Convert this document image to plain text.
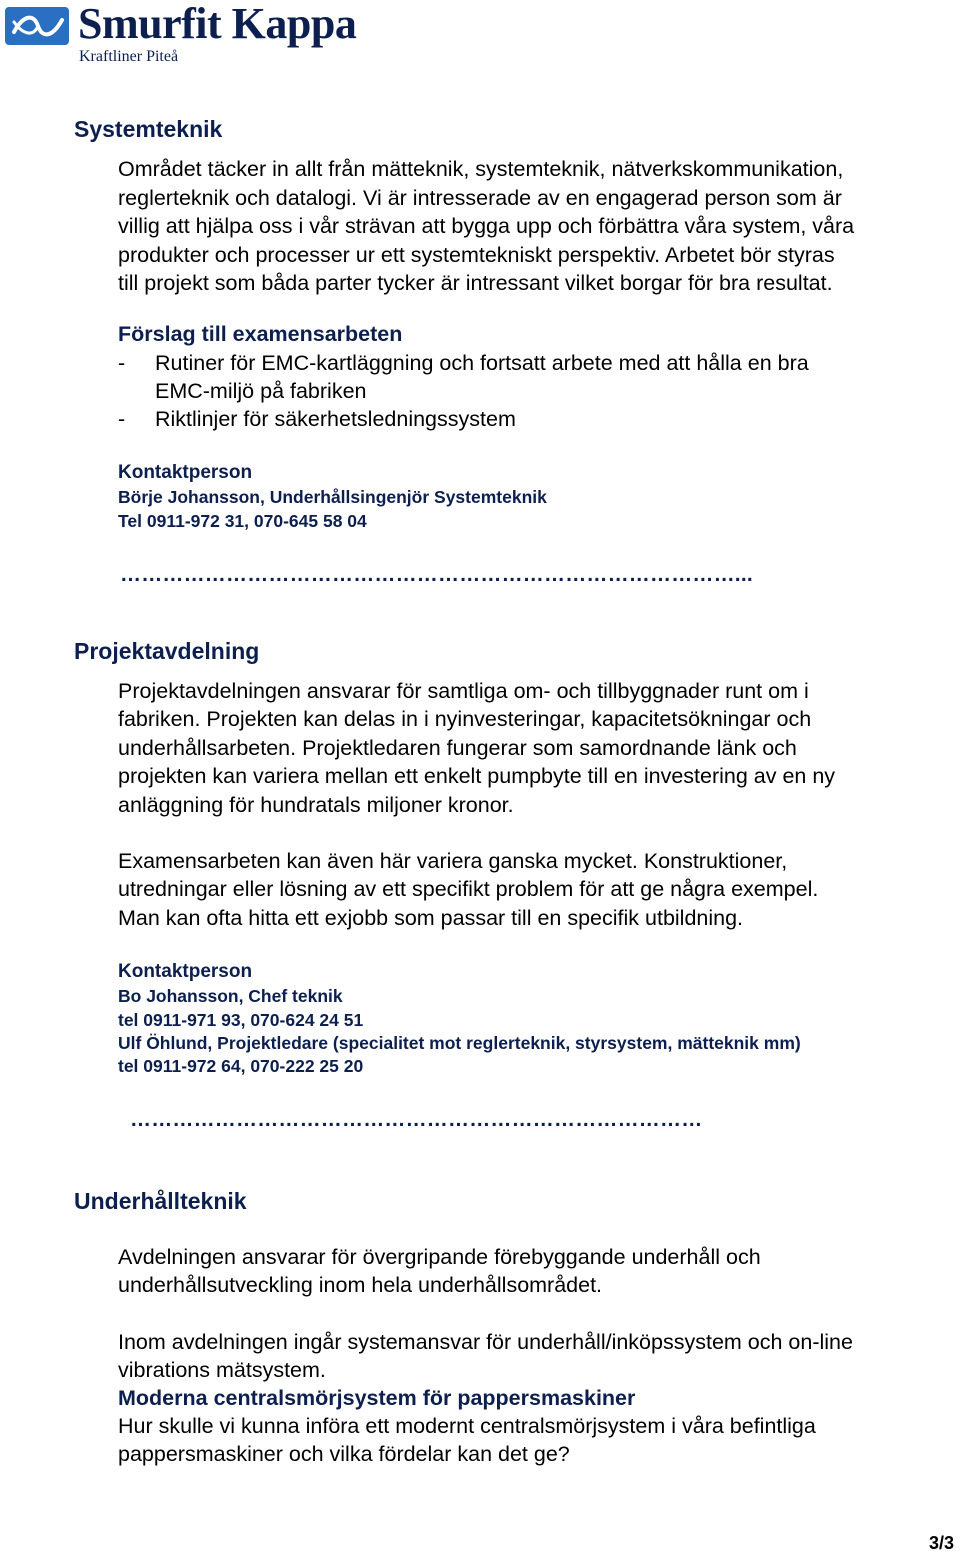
Smurfit Kappa

Kraftliner Piteå

Systemteknik

Området täcker in allt från mätteknik, systemteknik, nätverkskommunikation,

reglerteknik och datalogi. Vi är intresserade av en engagerad person som är

villig att hjälpa oss i vår strävan att bygga upp och förbättra våra system, våra

produkter och processer ur ett systemtekniskt perspektiv. Arbetet bör styras

till projekt som båda parter tycker är intressant vilket borgar för bra resultat.

Förslag till examensarbeten

- Rutiner för EMC-kartläggning och fortsatt arbete med att hålla en bra

EMC-miljö på fabriken

- Riktlinjer för säkerhetsledningssystem

Kontaktperson

Börje Johansson, Underhållsingenjör Systemteknik

Tel 0911-972 31, 070-645 58 04

……………………………………………………………………………...

Projektavdelning

Projektavdelningen ansvarar för samtliga om- och tillbyggnader runt om i

fabriken. Projekten kan delas in i nyinvesteringar, kapacitetsökningar och

underhållsarbeten. Projektledaren fungerar som samordnande länk och

projekten kan variera mellan ett enkelt pumpbyte till en investering av en ny

anläggning för hundratals miljoner kronor.

Examensarbeten kan även här variera ganska mycket. Konstruktioner,

utredningar eller lösning av ett specifikt problem för att ge några exempel.

Man kan ofta hitta ett exjobb som passar till en specifik utbildning.

Kontaktperson

Bo Johansson, Chef teknik

tel 0911-971 93, 070-624 24 51

Ulf Öhlund, Projektledare (specialitet mot reglerteknik, styrsystem, mätteknik mm)

tel 0911-972 64, 070-222 25 20

………………………………………………………………………

Underhållteknik

Avdelningen ansvarar för övergripande förebyggande underhåll och

underhållsutveckling inom hela underhållsområdet.

Inom avdelningen ingår systemansvar för underhåll/inköpssystem och on-line

vibrations mätsystem.

Moderna centralsmörjsystem för pappersmaskiner

Hur skulle vi kunna införa ett modernt centralsmörjsystem i våra befintliga

pappersmaskiner och vilka fördelar kan det ge?

3/3
